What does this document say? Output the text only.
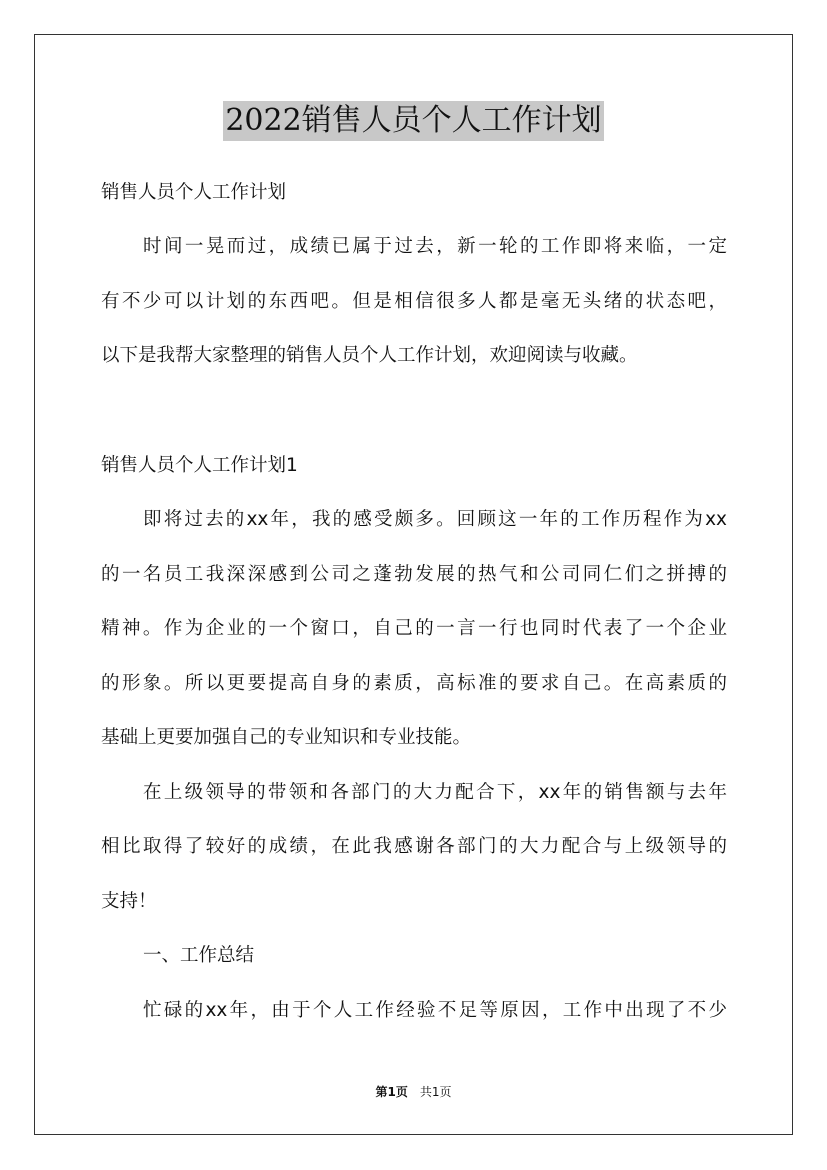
2022销售人员个人工作计划

销售人员个人工作计划

时间一晃而过，成绩已属于过去，新一轮的工作即将来临，一定

有不少可以计划的东西吧。但是相信很多人都是毫无头绪的状态吧，

以下是我帮大家整理的销售人员个人工作计划，欢迎阅读与收藏。

销售人员个人工作计划1

即将过去的xx年，我的感受颇多。回顾这一年的工作历程作为xx

的一名员工我深深感到公司之蓬勃发展的热气和公司同仁们之拼搏的

精神。作为企业的一个窗口，自己的一言一行也同时代表了一个企业

的形象。所以更要提高自身的素质，高标准的要求自己。在高素质的

基础上更要加强自己的专业知识和专业技能。

在上级领导的带领和各部门的大力配合下，xx年的销售额与去年

相比取得了较好的成绩，在此我感谢各部门的大力配合与上级领导的

支持！

一、工作总结

忙碌的xx年，由于个人工作经验不足等原因，工作中出现了不少

第1页 共1页
